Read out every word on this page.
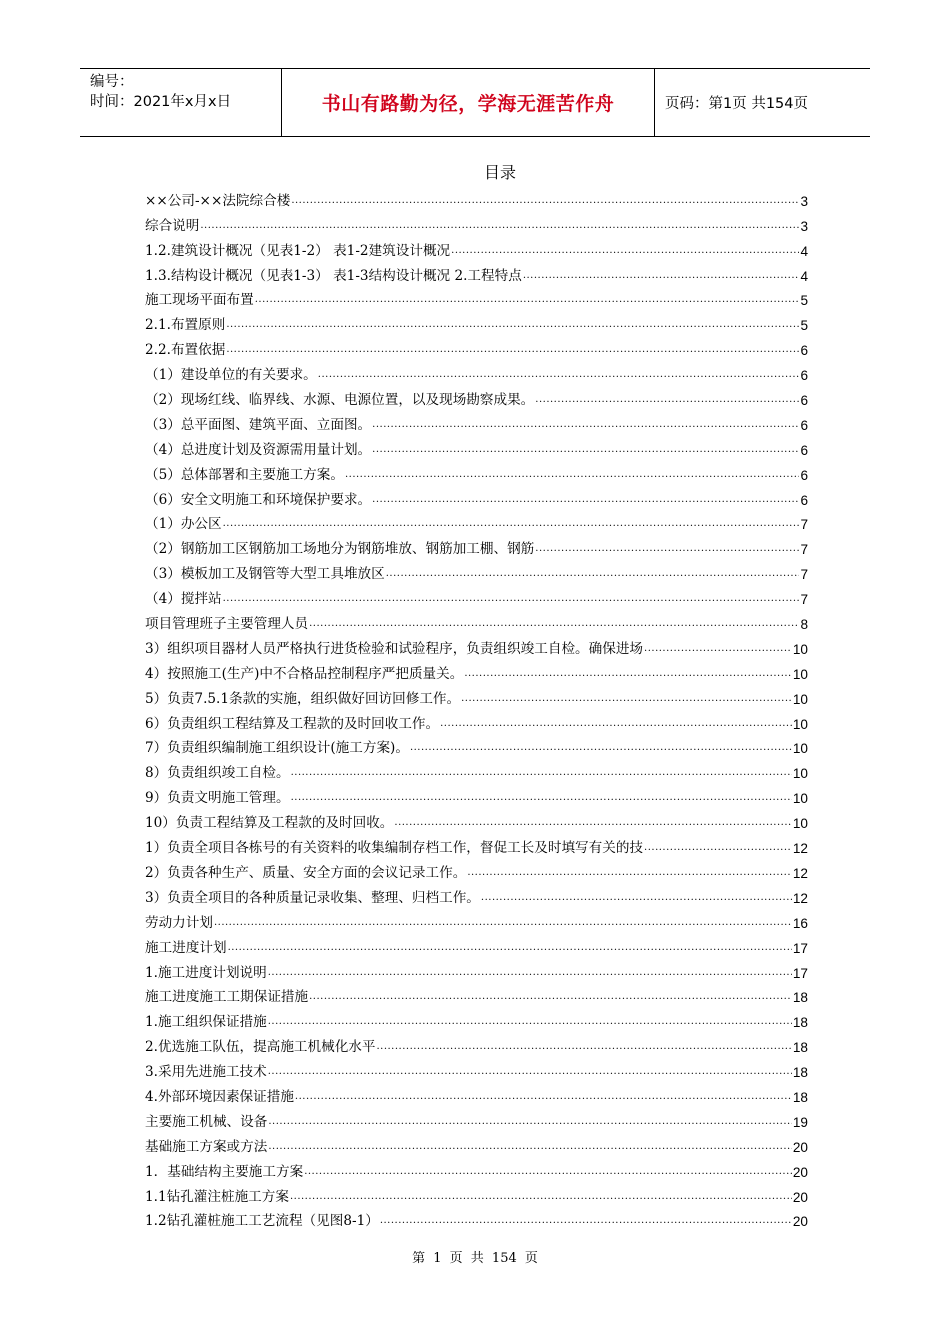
编号：
时间：2021年x月x日	书山有路勤为径，学海无涯苦作舟	页码：第1页 共154页
目录
××公司-××法院综合楼 .....	3
综合说明 .....	3
1.2.建筑设计概况（见表1-2） 表1-2建筑设计概况 .....	4
1.3.结构设计概况（见表1-3） 表1-3结构设计概况 2.工程特点 .....	4
施工现场平面布置 .....	5
2.1.布置原则 .....	5
2.2.布置依据 .....	6
（1）建设单位的有关要求。 .....	6
（2）现场红线、临界线、水源、电源位置，以及现场勘察成果。 .....	6
（3）总平面图、建筑平面、立面图。 .....	6
（4）总进度计划及资源需用量计划。 .....	6
（5）总体部署和主要施工方案。 .....	6
（6）安全文明施工和环境保护要求。 .....	6
（1）办公区 .....	7
（2）钢筋加工区钢筋加工场地分为钢筋堆放、钢筋加工棚、钢筋 .....	7
（3）模板加工及钢管等大型工具堆放区 .....	7
（4）搅拌站 .....	7
项目管理班子主要管理人员 .....	8
3）组织项目器材人员严格执行进货检验和试验程序，负责组织竣工自检。确保进场 .....	10
4）按照施工(生产)中不合格品控制程序严把质量关。 .....	10
5）负责7.5.1条款的实施，组织做好回访回修工作。 .....	10
6）负责组织工程结算及工程款的及时回收工作。 .....	10
7）负责组织编制施工组织设计(施工方案)。 .....	10
8）负责组织竣工自检。 .....	10
9）负责文明施工管理。 .....	10
10）负责工程结算及工程款的及时回收。 .....	10
1）负责全项目各栋号的有关资料的收集编制存档工作，督促工长及时填写有关的技 .....	12
2）负责各种生产、质量、安全方面的会议记录工作。 .....	12
3）负责全项目的各种质量记录收集、整理、归档工作。 .....	12
劳动力计划 .....	16
施工进度计划 .....	17
1.施工进度计划说明 .....	17
施工进度施工工期保证措施 .....	18
1.施工组织保证措施 .....	18
2.优选施工队伍，提高施工机械化水平 .....	18
3.采用先进施工技术 .....	18
4.外部环境因素保证措施 .....	18
主要施工机械、设备 .....	19
基础施工方案或方法 .....	20
1．基础结构主要施工方案 .....	20
1.1钻孔灌注桩施工方案 .....	20
1.2钻孔灌桩施工工艺流程（见图8-1） .....	20
第 1 页 共 154 页
